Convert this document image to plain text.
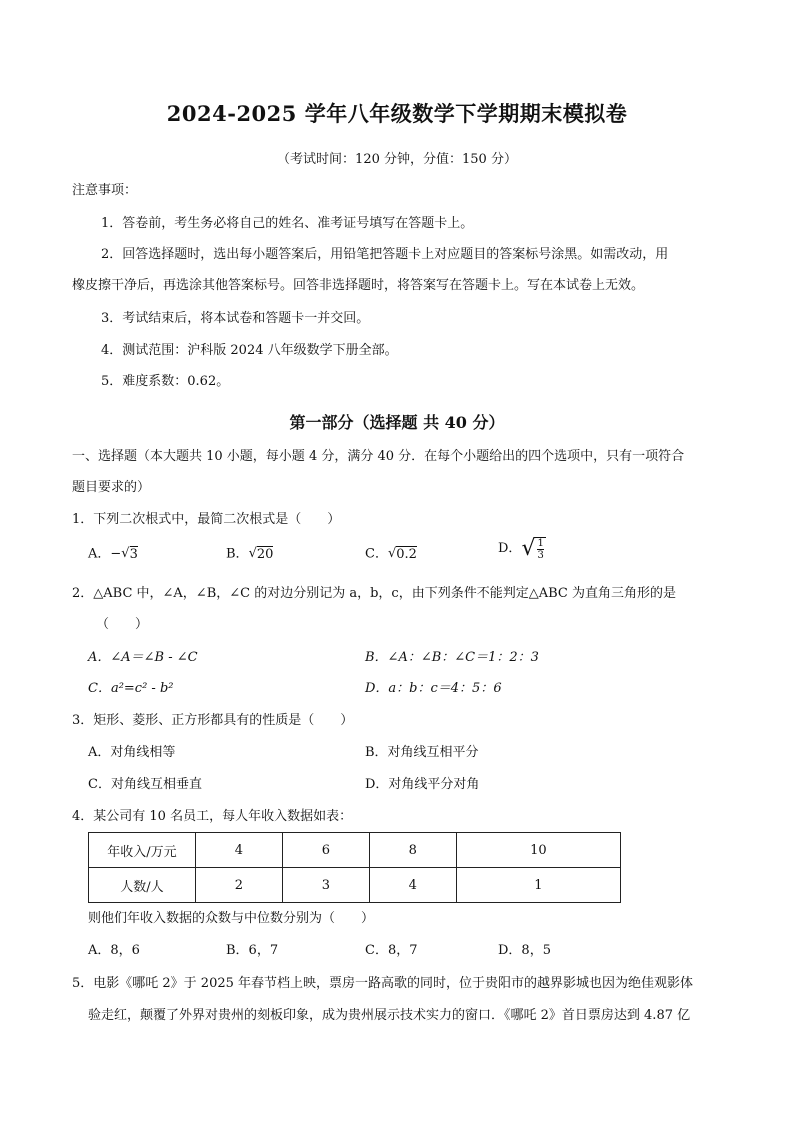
2024-2025 学年八年级数学下学期期末模拟卷
（考试时间：120 分钟，分值：150 分）
注意事项：
1．答卷前，考生务必将自己的姓名、准考证号填写在答题卡上。
2．回答选择题时，选出每小题答案后，用铅笔把答题卡上对应题目的答案标号涂黑。如需改动，用
橡皮擦干净后，再选涂其他答案标号。回答非选择题时，将答案写在答题卡上。写在本试卷上无效。
3．考试结束后，将本试卷和答题卡一并交回。
4．测试范围：沪科版 2024 八年级数学下册全部。
5．难度系数：0.62。
第一部分（选择题 共 40 分）
一、选择题（本大题共 10 小题，每小题 4 分，满分 40 分．在每个小题给出的四个选项中，只有一项符合
题目要求的）
1．下列二次根式中，最简二次根式是（　　）
A．−√3	B．√20	C．√0.2	D．√ $\frac{1}{3}$
2．△ABC 中，∠A，∠B，∠C 的对边分别记为 a，b，c，由下列条件不能判定△ABC 为直角三角形的是
（　　）
A．∠A＝∠B - ∠C	B．∠A：∠B：∠C＝1：2：3
C．a²=c² - b²	D．a：b：c＝4：5：6
3．矩形、菱形、正方形都具有的性质是（　　）
A．对角线相等	B．对角线互相平分
C．对角线互相垂直	D．对角线平分对角
4．某公司有 10 名员工，每人年收入数据如表：
年收入/万元	4	6	8	10
人数/人	2	3	4	1
则他们年收入数据的众数与中位数分别为（　　）
A．8，6	B．6，7	C．8，7	D．8，5
5．电影《哪吒 2》于 2025 年春节档上映，票房一路高歌的同时，位于贵阳市的越界影城也因为绝佳观影体
验走红，颠覆了外界对贵州的刻板印象，成为贵州展示技术实力的窗口．《哪吒 2》首日票房达到 4.87 亿
